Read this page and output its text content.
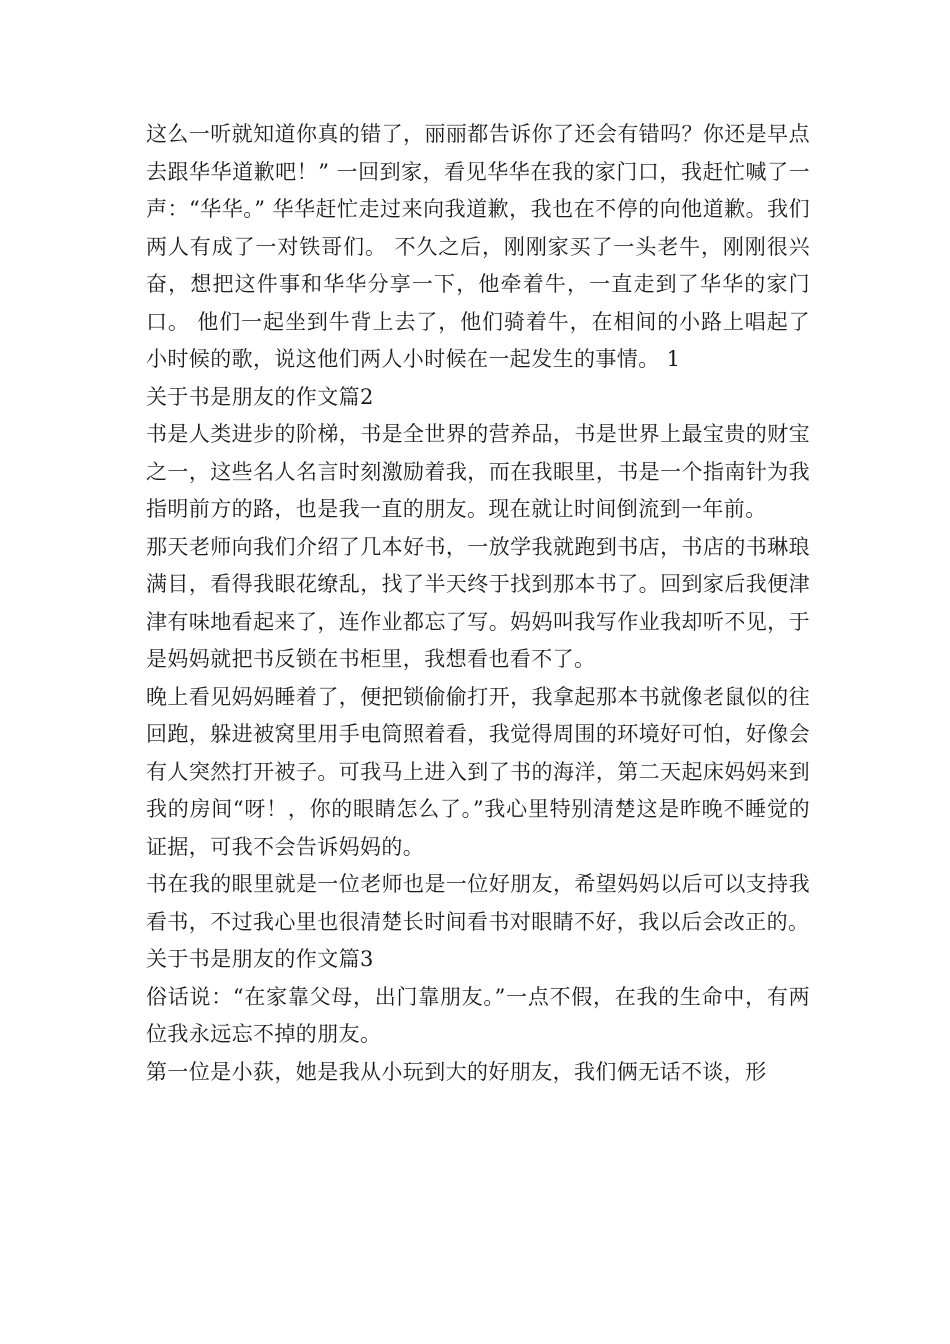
这么一听就知道你真的错了，丽丽都告诉你了还会有错吗？你还是早点去跟华华道歉吧！” 一回到家，看见华华在我的家门口，我赶忙喊了一声：“华华。” 华华赶忙走过来向我道歉，我也在不停的向他道歉。我们两人有成了一对铁哥们。 不久之后，刚刚家买了一头老牛，刚刚很兴奋，想把这件事和华华分享一下，他牵着牛，一直走到了华华的家门口。 他们一起坐到牛背上去了，他们骑着牛，在相间的小路上唱起了小时候的歌，说这他们两人小时候在一起发生的事情。 1

关于书是朋友的作文篇2

书是人类进步的阶梯，书是全世界的营养品，书是世界上最宝贵的财宝之一，这些名人名言时刻激励着我，而在我眼里，书是一个指南针为我指明前方的路，也是我一直的朋友。现在就让时间倒流到一年前。

那天老师向我们介绍了几本好书，一放学我就跑到书店，书店的书琳琅满目，看得我眼花缭乱，找了半天终于找到那本书了。回到家后我便津津有味地看起来了，连作业都忘了写。妈妈叫我写作业我却听不见，于是妈妈就把书反锁在书柜里，我想看也看不了。

晚上看见妈妈睡着了，便把锁偷偷打开，我拿起那本书就像老鼠似的往回跑，躲进被窝里用手电筒照着看，我觉得周围的环境好可怕，好像会有人突然打开被子。可我马上进入到了书的海洋，第二天起床妈妈来到我的房间“呀！，你的眼睛怎么了。”我心里特别清楚这是昨晚不睡觉的证据，可我不会告诉妈妈的。

书在我的眼里就是一位老师也是一位好朋友，希望妈妈以后可以支持我看书，不过我心里也很清楚长时间看书对眼睛不好，我以后会改正的。

关于书是朋友的作文篇3

俗话说：“在家靠父母，出门靠朋友。”一点不假，在我的生命中，有两位我永远忘不掉的朋友。

第一位是小荻，她是我从小玩到大的好朋友，我们俩无话不谈，形
